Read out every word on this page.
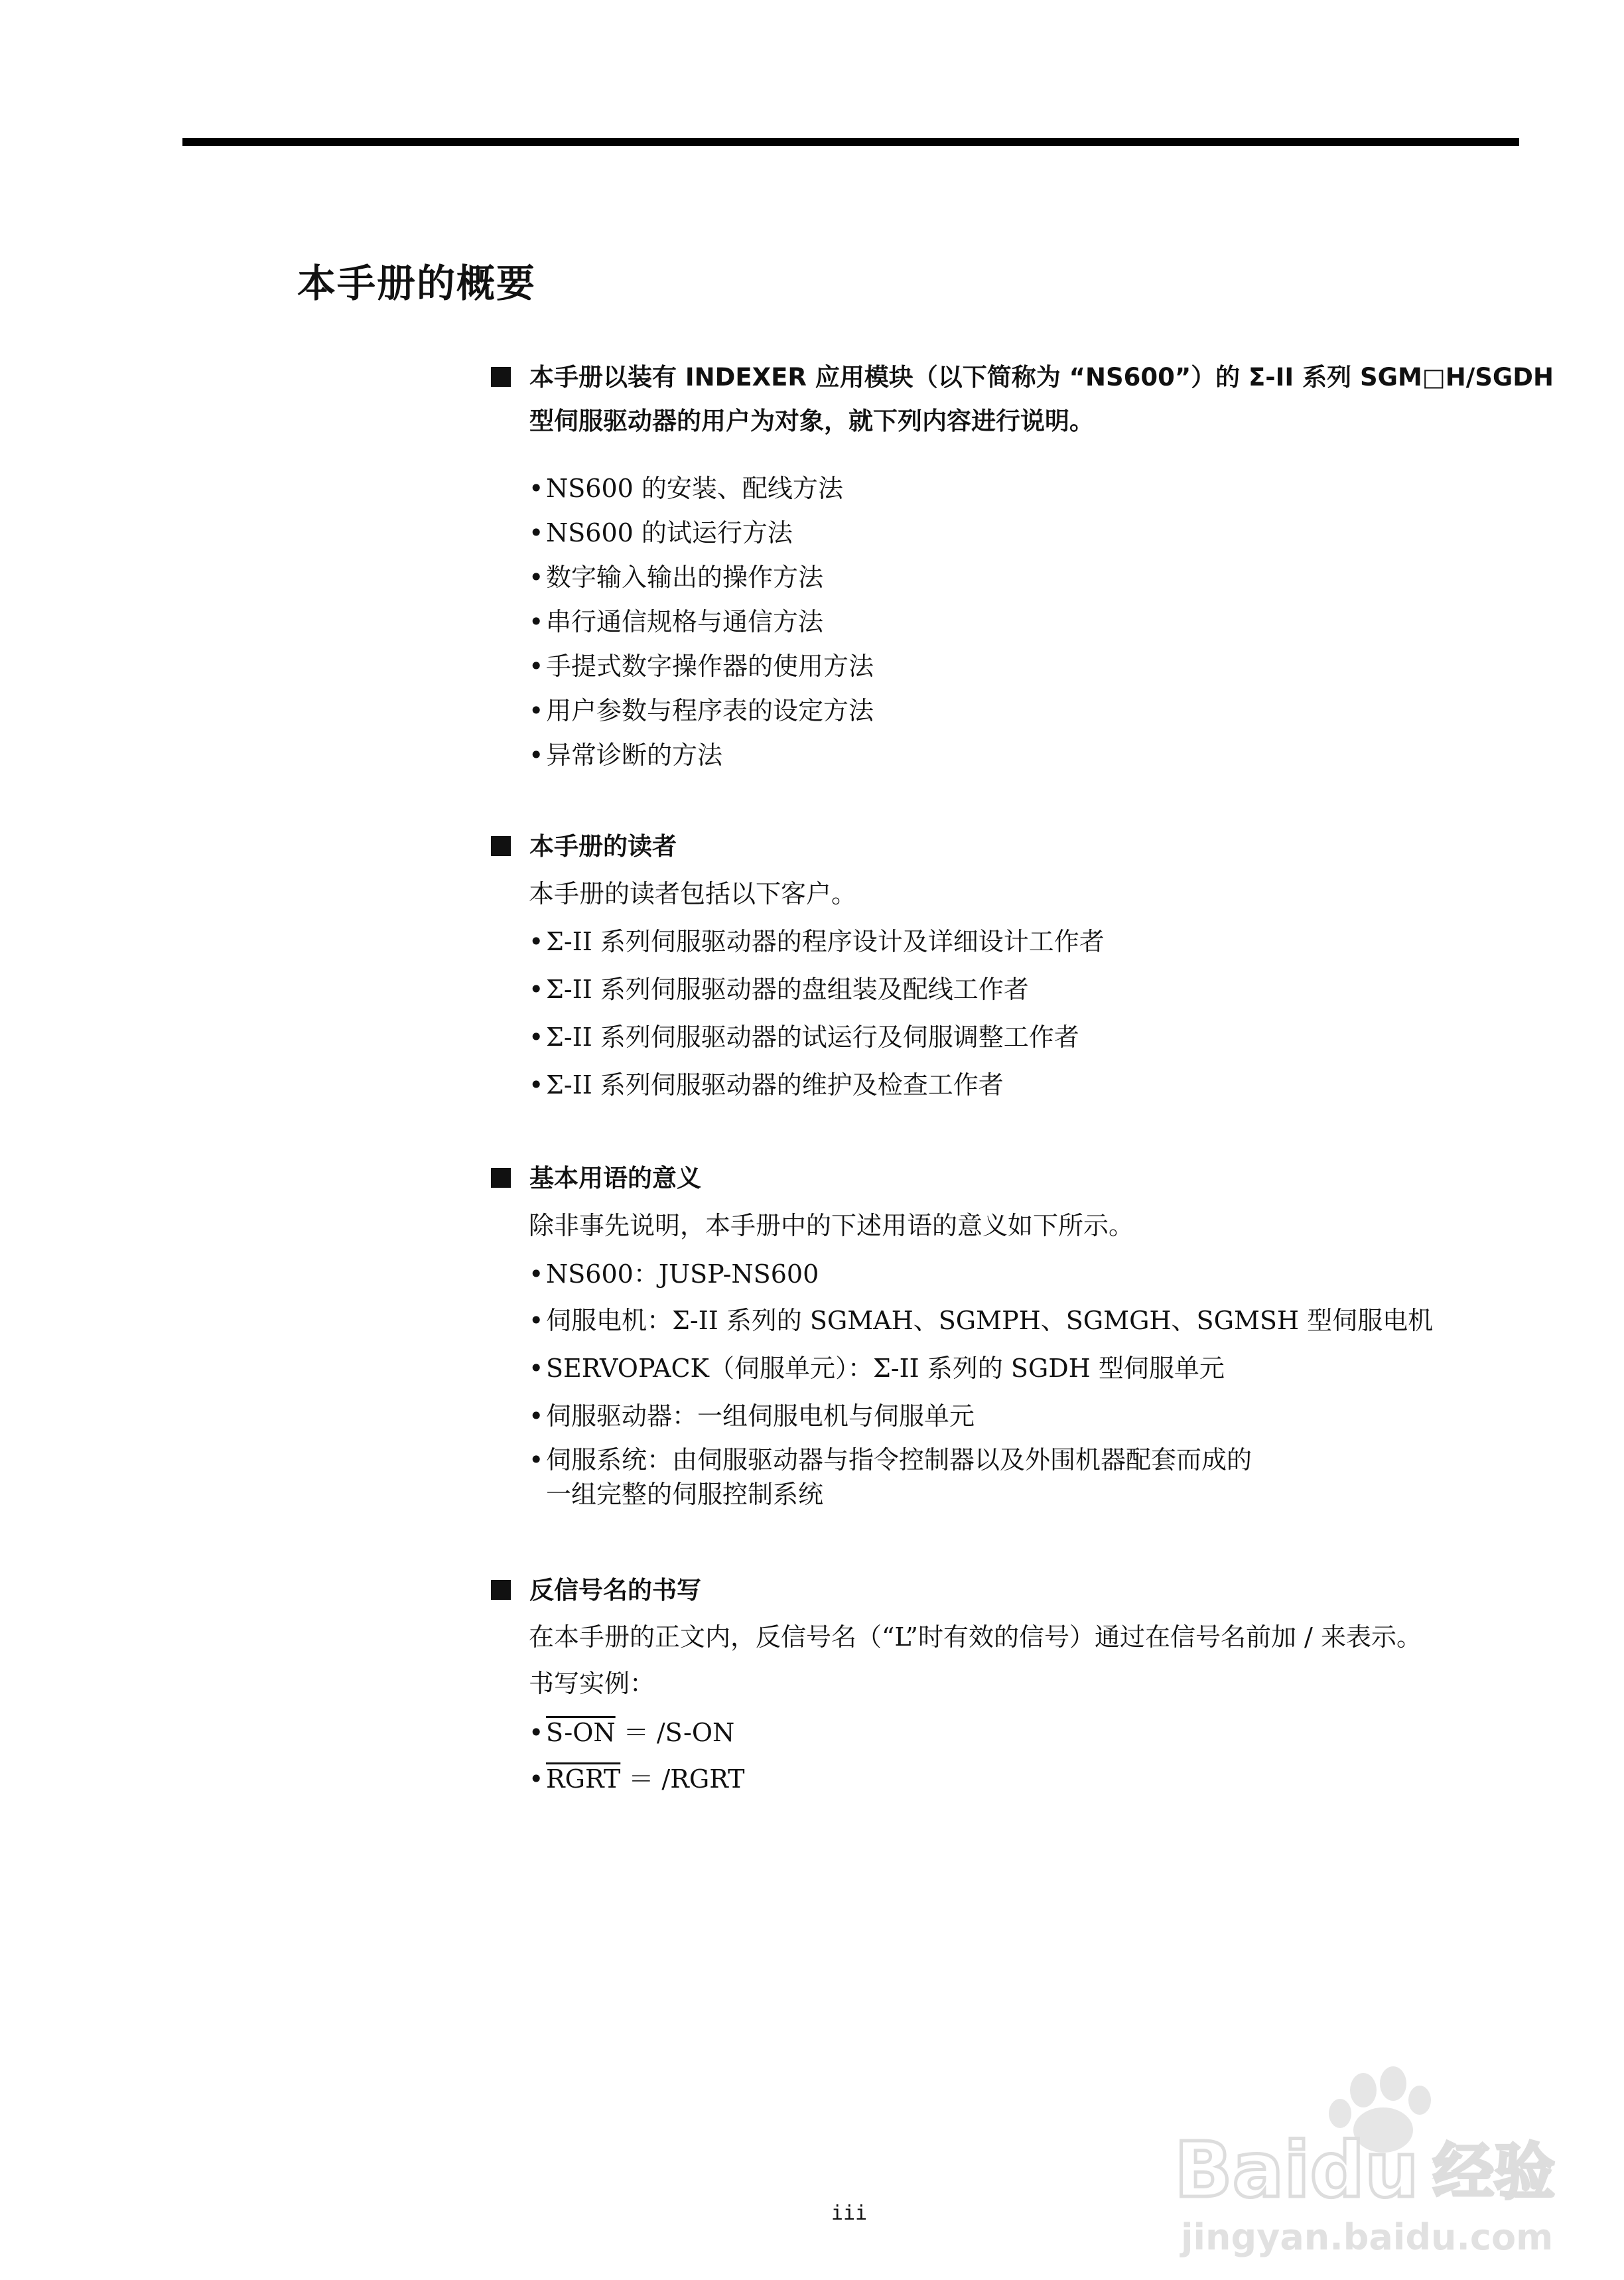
本手册的概要
本手册以装有 INDEXER 应用模块（以下简称为 “NS600”）的 Σ-II 系列 SGM□H/SGDH
型伺服驱动器的用户为对象，就下列内容进行说明。
•NS600 的安装、配线方法
•NS600 的试运行方法
•数字输入输出的操作方法
•串行通信规格与通信方法
•手提式数字操作器的使用方法
•用户参数与程序表的设定方法
•异常诊断的方法
本手册的读者
本手册的读者包括以下客户。
•Σ-II 系列伺服驱动器的程序设计及详细设计工作者
•Σ-II 系列伺服驱动器的盘组装及配线工作者
•Σ-II 系列伺服驱动器的试运行及伺服调整工作者
•Σ-II 系列伺服驱动器的维护及检查工作者
基本用语的意义
除非事先说明，本手册中的下述用语的意义如下所示。
•NS600：JUSP-NS600
•伺服电机：Σ-II 系列的 SGMAH、SGMPH、SGMGH、SGMSH 型伺服电机
•SERVOPACK（伺服单元）：Σ-II 系列的 SGDH 型伺服单元
•伺服驱动器：一组伺服电机与伺服单元
•伺服系统：由伺服驱动器与指令控制器以及外围机器配套而成的
一组完整的伺服控制系统
反信号名的书写
在本手册的正文内，反信号名（“L”时有效的信号）通过在信号名前加 / 来表示。
书写实例：
•S-ON ＝ /S-ON
•RGRT ＝ /RGRT
iii	Baidu 经验
jingyan.baidu.com
